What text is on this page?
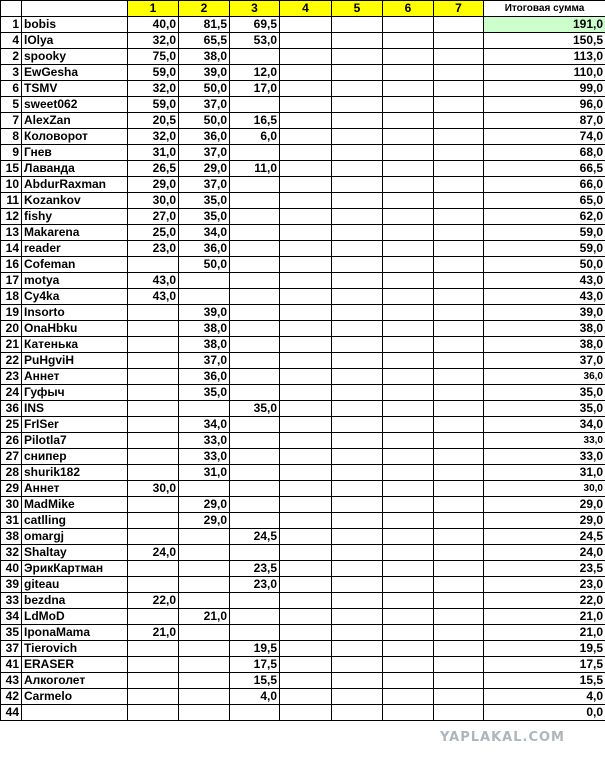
		1	2	3	4	5	6	7	Итоговая сумма
1	bobis	40,0	81,5	69,5					191,0
4	lOlya	32,0	65,5	53,0					150,5
2	spooky	75,0	38,0						113,0
3	EwGesha	59,0	39,0	12,0					110,0
6	TSMV	32,0	50,0	17,0					99,0
5	sweet062	59,0	37,0						96,0
7	AlexZan	20,5	50,0	16,5					87,0
8	Коловорот	32,0	36,0	6,0					74,0
9	Гнев	31,0	37,0						68,0
15	Лаванда	26,5	29,0	11,0					66,5
10	AbdurRaxman	29,0	37,0						66,0
11	Kozankov	30,0	35,0						65,0
12	fishy	27,0	35,0						62,0
13	Makarena	25,0	34,0						59,0
14	reader	23,0	36,0						59,0
16	Cofeman		50,0						50,0
17	motya	43,0							43,0
18	Cy4ka	43,0							43,0
19	Insorto		39,0						39,0
20	OnaHbku		38,0						38,0
21	Катенька		38,0						38,0
22	PuHgviH		37,0						37,0
23	Аннет		36,0						36,0
24	Гуфыч		35,0						35,0
36	INS			35,0					35,0
25	FrISer		34,0						34,0
26	Pilotla7		33,0						33,0
27	снипер		33,0						33,0
28	shurik182		31,0						31,0
29	Аннет	30,0							30,0
30	MadMike		29,0						29,0
31	catlling		29,0						29,0
38	omargj			24,5					24,5
32	Shaltay	24,0							24,0
40	ЭрикКартман			23,5					23,5
39	giteau			23,0					23,0
33	bezdna	22,0							22,0
34	LdMoD		21,0						21,0
35	IponaMama	21,0							21,0
37	Tierovich			19,5					19,5
41	ERASER			17,5					17,5
43	Алкоголет			15,5					15,5
42	Carmelo			4,0					4,0
44									0,0
YAPLAKAL.COM
